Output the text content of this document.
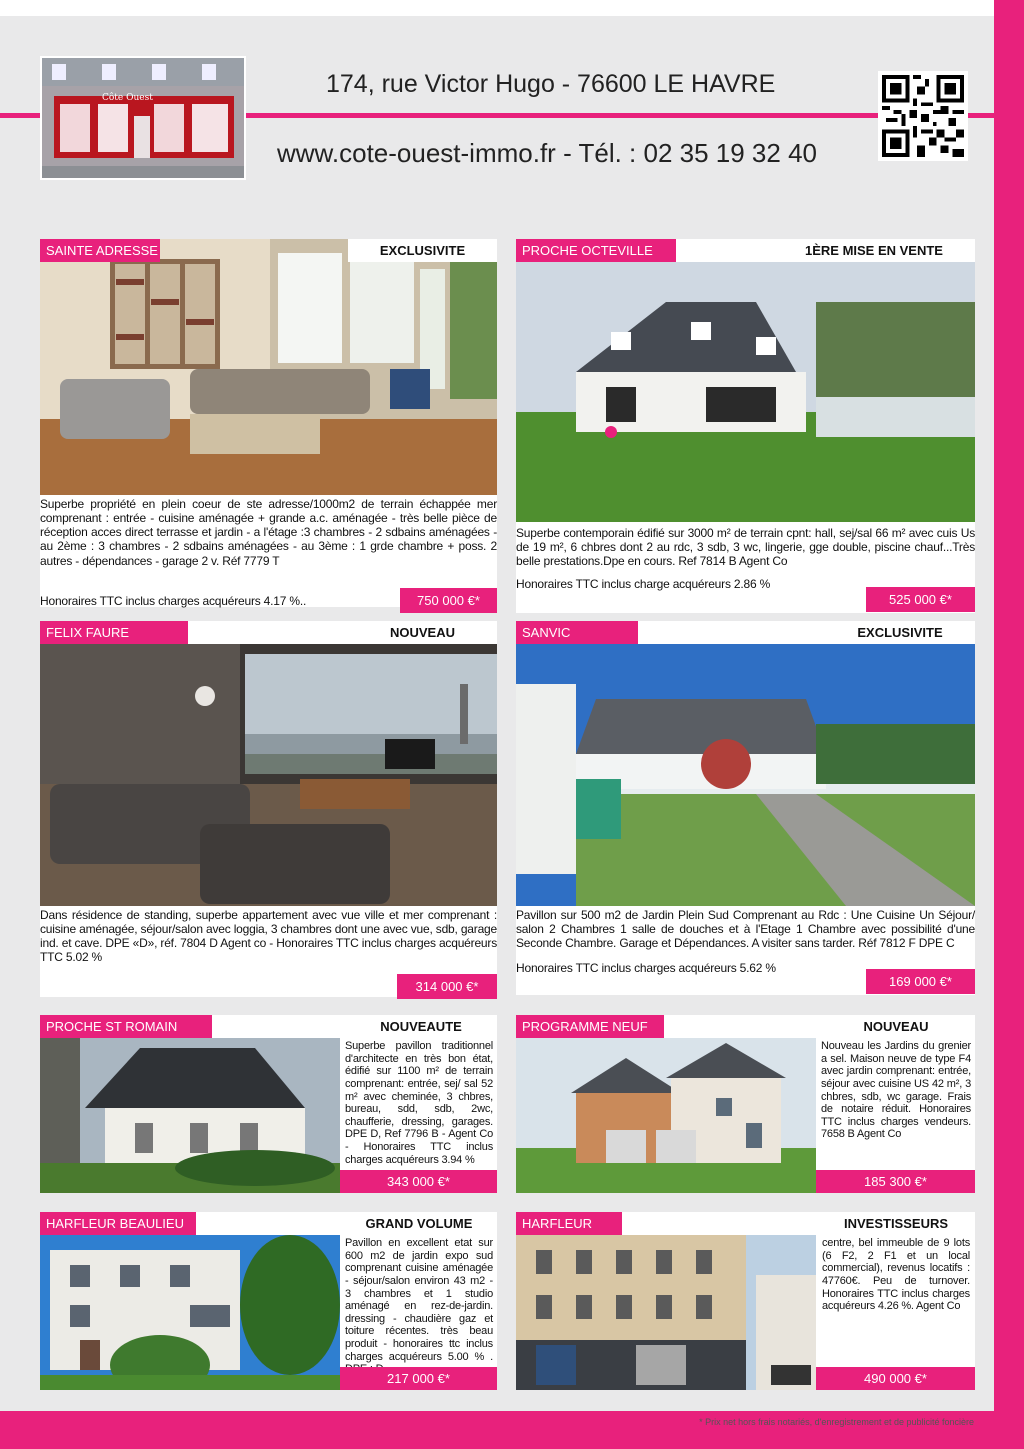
* Prix net hors frais notariés, d'enregistrement et de publicité foncière
Côte Ouest	174, rue Victor Hugo - 76600 LE HAVRE
www.cote-ouest-immo.fr - Tél. : 02 35 19 32 40
SAINTE ADRESSE	EXCLUSIVITE
Superbe propriété en plein coeur de ste adresse/1000m2 de terrain échappée mer comprenant : entrée - cuisine aménagée + grande a.c. aménagée - très belle pièce de réception acces direct terrasse et jardin - a l'étage :3 chambres - 2 sdbains aménagées - au 2ème : 3 chambres - 2 sdbains aménagées - au 3ème : 1 grde chambre + poss. 2 autres - dépendances - garage 2 v. Réf 7779 T
Honoraires TTC inclus charges acquéreurs 4.17 %..	750 000 €*
PROCHE OCTEVILLE	1ÈRE MISE EN VENTE
Superbe contemporain édifié sur 3000 m² de terrain cpnt: hall, sej/sal 66 m² avec cuis Us de 19 m², 6 chbres dont 2 au rdc, 3 sdb, 3 wc, lingerie, gge double, piscine chauf...Très belle prestations.Dpe en cours. Ref 7814 B Agent Co
Honoraires TTC inclus charge acquéreurs 2.86 %
525 000 €*
FELIX FAURE	NOUVEAU
Dans résidence de standing, superbe appartement avec vue ville et mer comprenant : cuisine aménagée, séjour/salon avec loggia, 3 chambres dont une avec vue, sdb, garage ind. et cave. DPE «D», réf. 7804 D Agent co - Honoraires TTC inclus charges acquéreurs TTC 5.02 %
314 000 €*
SANVIC	EXCLUSIVITE
Pavillon sur 500 m2 de Jardin Plein Sud Comprenant au Rdc : Une Cuisine Un Séjour/ salon 2 Chambres 1 salle de douches et à l'Etage 1 Chambre avec possibilité d'une Seconde Chambre. Garage et Dépendances. A visiter sans tarder. Réf 7812 F DPE C
Honoraires TTC inclus charges acquéreurs 5.62 %
169 000 €*
PROCHE ST ROMAIN	NOUVEAUTE
Superbe pavillon traditionnel d'architecte en très bon état, édifié sur 1100 m² de terrain comprenant: entrée, sej/ sal 52 m² avec cheminée, 3 chbres, bureau, sdd, sdb, 2wc, chaufferie, dressing, garages. DPE D, Ref 7796 B - Agent Co - Honoraires TTC inclus charges acquéreurs 3.94 %
343 000 €*
PROGRAMME NEUF	NOUVEAU
Nouveau les Jardins du grenier a sel. Maison neuve de type F4 avec jardin comprenant: entrée, séjour avec cuisine US 42 m², 3 chbres, sdb, wc garage. Frais de notaire réduit. Honoraires TTC inclus charges vendeurs. 7658 B Agent Co
185 300 €*
HARFLEUR BEAULIEU	GRAND VOLUME
Pavillon en excellent etat sur 600 m2 de jardin expo sud comprenant cuisine aménagée - séjour/salon environ 43 m2 - 3 chambres et 1 studio aménagé en rez-de-jardin. dressing - chaudière gaz et toiture récentes. très beau produit - honoraires ttc inclus charges acquéreurs 5.00 % .
217 000 €*
HARFLEUR	INVESTISSEURS
centre, bel immeuble de 9 lots (6 F2, 2 F1 et un local commercial), revenus locatifs : 47760€. Peu de turnover. Honoraires TTC inclus charges acquéreurs 4.26 %. Agent Co
490 000 €*
